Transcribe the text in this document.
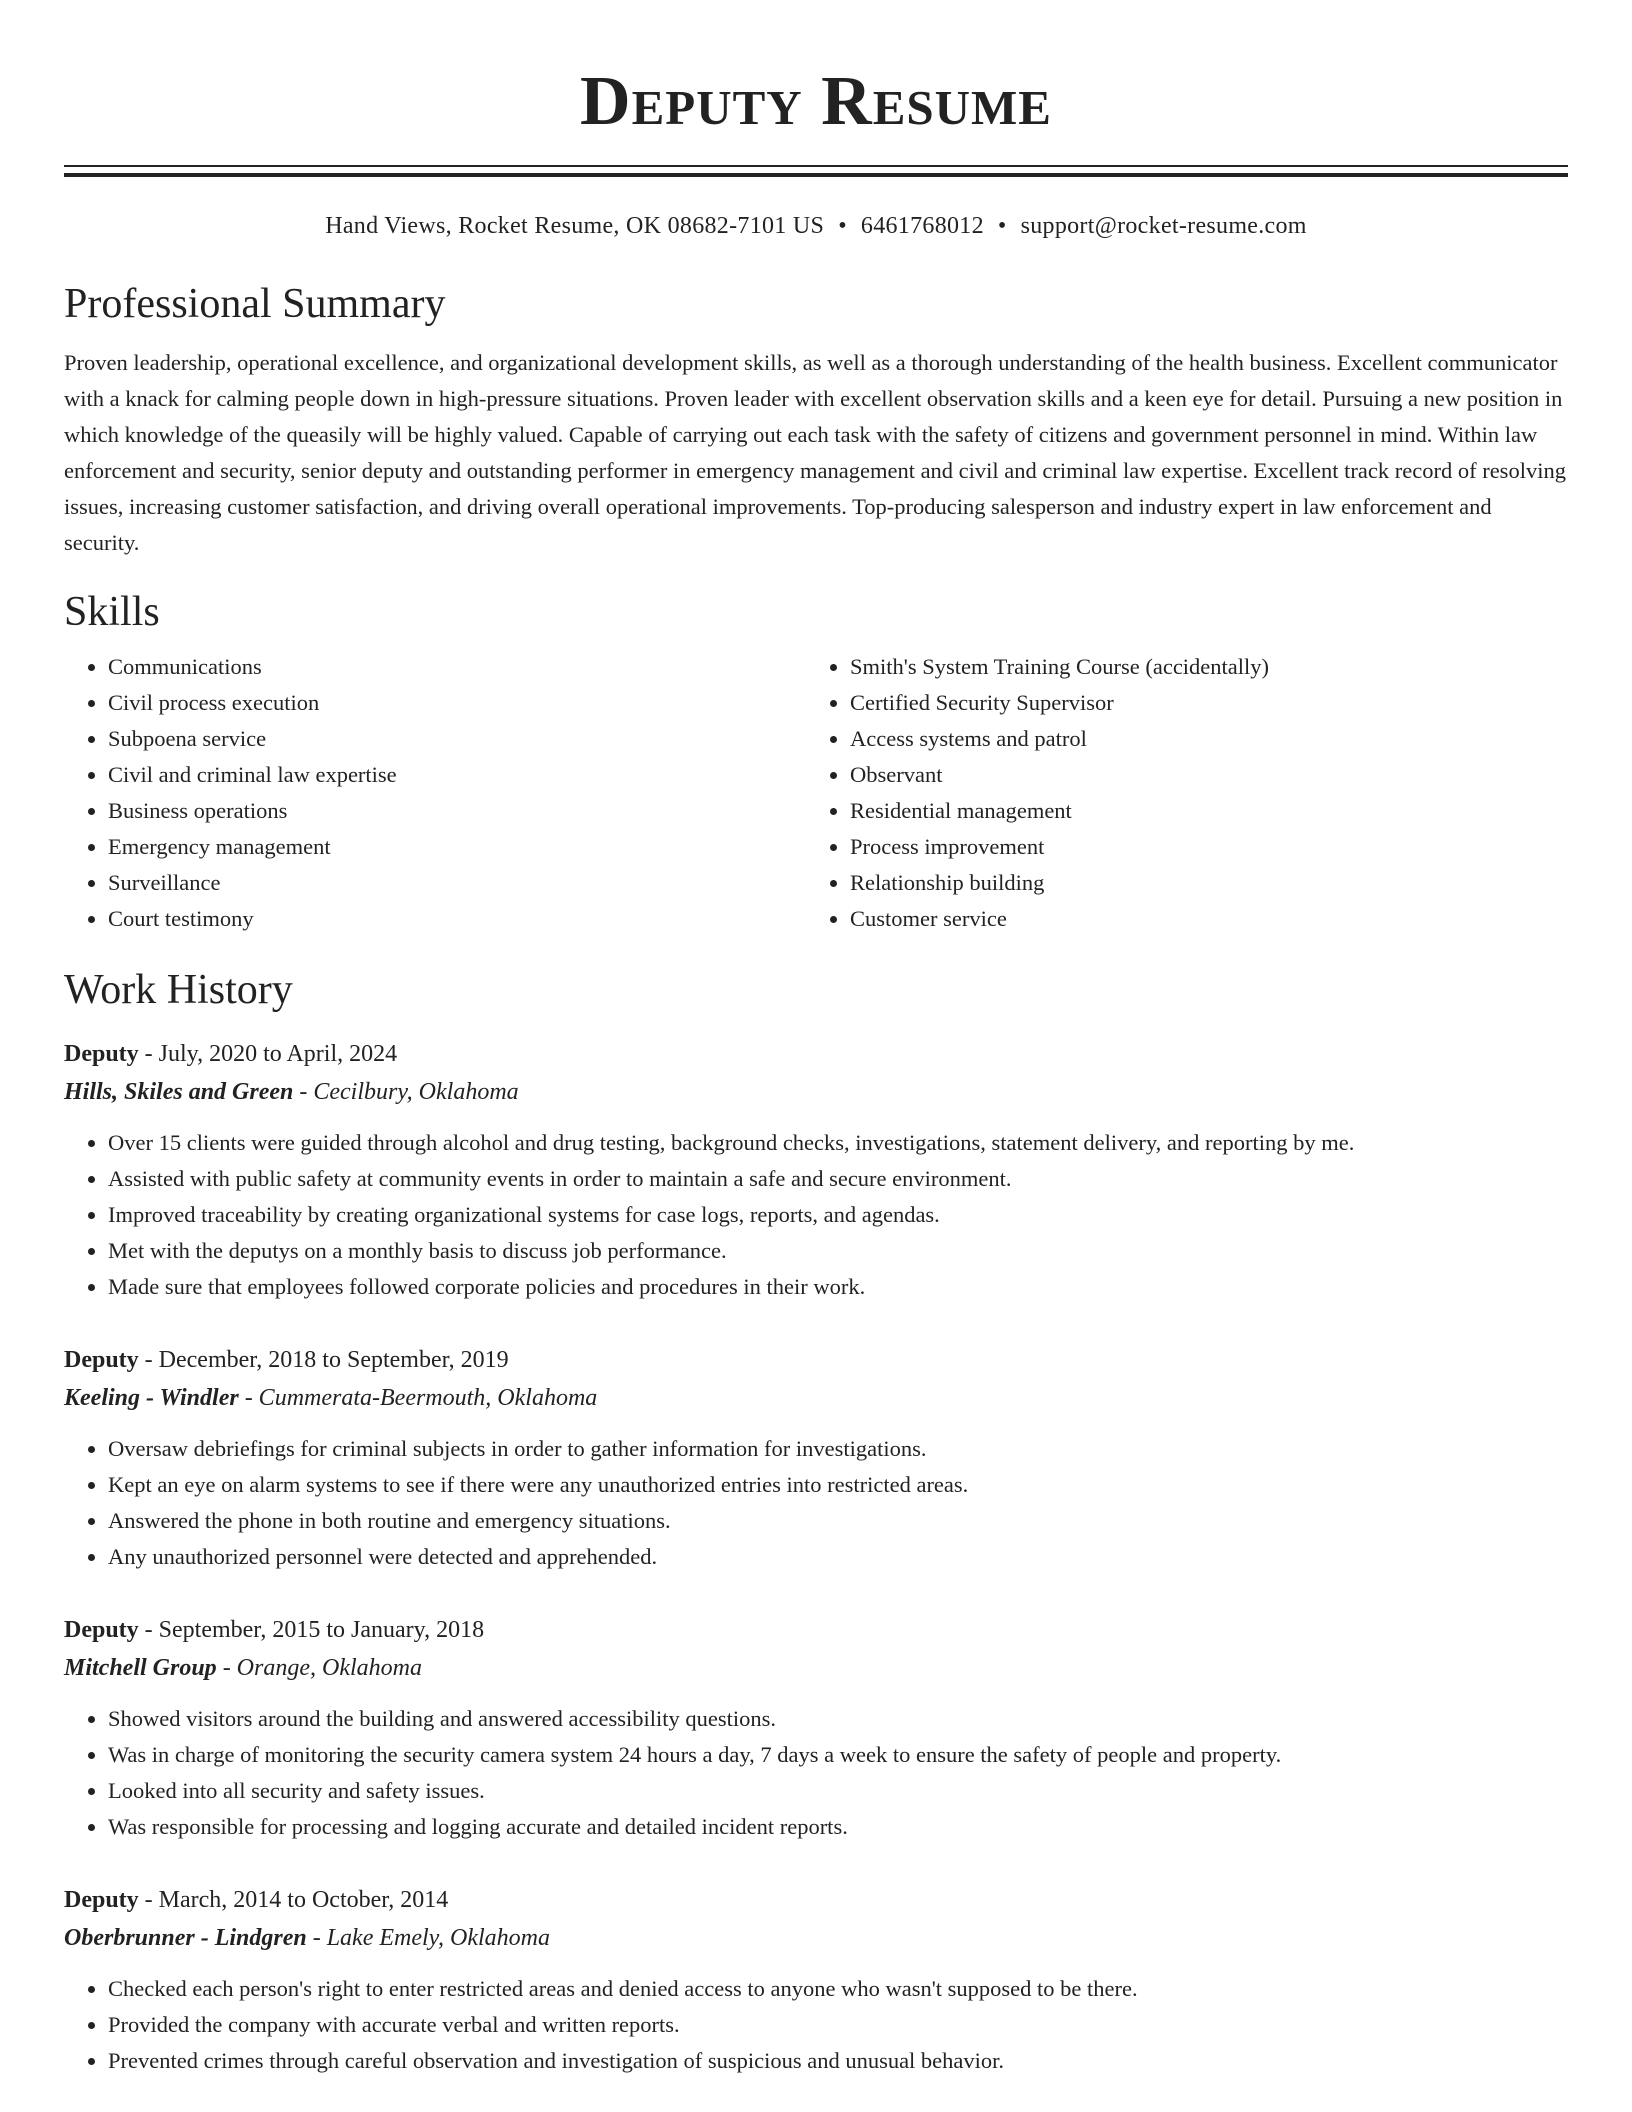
Deputy Resume
Hand Views, Rocket Resume, OK 08682-7101 US • 6461768012 • support@rocket-resume.com
Professional Summary

Proven leadership, operational excellence, and organizational development skills, as well as a thorough understanding of the health business. Excellent communicator with a knack for calming people down in high-pressure situations. Proven leader with excellent observation skills and a keen eye for detail. Pursuing a new position in which knowledge of the queasily will be highly valued. Capable of carrying out each task with the safety of citizens and government personnel in mind. Within law enforcement and security, senior deputy and outstanding performer in emergency management and civil and criminal law expertise. Excellent track record of resolving issues, increasing customer satisfaction, and driving overall operational improvements. Top-producing salesperson and industry expert in law enforcement and security.

Skills
• Communications
• Civil process execution
• Subpoena service
• Civil and criminal law expertise
• Business operations
• Emergency management
• Surveillance
• Court testimony
• Smith's System Training Course (accidentally)
• Certified Security Supervisor
• Access systems and patrol
• Observant
• Residential management
• Process improvement
• Relationship building
• Customer service
Work History
Deputy - July, 2020 to April, 2024
Hills, Skiles and Green - Cecilbury, Oklahoma
• Over 15 clients were guided through alcohol and drug testing, background checks, investigations, statement delivery, and reporting by me.
• Assisted with public safety at community events in order to maintain a safe and secure environment.
• Improved traceability by creating organizational systems for case logs, reports, and agendas.
• Met with the deputys on a monthly basis to discuss job performance.
• Made sure that employees followed corporate policies and procedures in their work.
Deputy - December, 2018 to September, 2019
Keeling - Windler - Cummerata-Beermouth, Oklahoma
• Oversaw debriefings for criminal subjects in order to gather information for investigations.
• Kept an eye on alarm systems to see if there were any unauthorized entries into restricted areas.
• Answered the phone in both routine and emergency situations.
• Any unauthorized personnel were detected and apprehended.
Deputy - September, 2015 to January, 2018
Mitchell Group - Orange, Oklahoma
• Showed visitors around the building and answered accessibility questions.
• Was in charge of monitoring the security camera system 24 hours a day, 7 days a week to ensure the safety of people and property.
• Looked into all security and safety issues.
• Was responsible for processing and logging accurate and detailed incident reports.
Deputy - March, 2014 to October, 2014
Oberbrunner - Lindgren - Lake Emely, Oklahoma
• Checked each person's right to enter restricted areas and denied access to anyone who wasn't supposed to be there.
• Provided the company with accurate verbal and written reports.
• Prevented crimes through careful observation and investigation of suspicious and unusual behavior.
